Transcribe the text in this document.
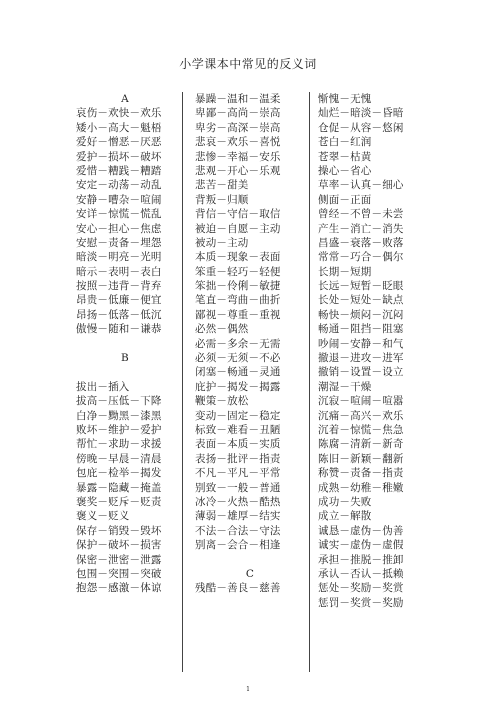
小学课本中常见的反义词
A
哀伤－欢快－欢乐
矮小－高大－魁梧
爱好－憎恶－厌恶
爱护－损坏－破坏
爱惜－糟践－糟踏
安定－动荡－动乱
安静－嘈杂－喧闹
安详－惊慌－慌乱
安心－担心－焦虑
安慰－责备－埋怨
暗淡－明亮－光明
暗示－表明－表白
按照－违背－背弃
昂贵－低廉－便宜
昂扬－低落－低沉
傲慢－随和－谦恭
B
拔出－插入
拔高－压低－下降
白净－黝黑－漆黑
败坏－维护－爱护
帮忙－求助－求援
傍晚－早晨－清晨
包庇－检举－揭发
暴露－隐藏－掩盖
褒奖－贬斥－贬责
褒义－贬义
保存－销毁－毁坏
保护－破坏－损害
保密－泄密－泄露
包围－突围－突破
抱怨－感激－体谅
暴躁－温和－温柔
卑鄙－高尚－崇高
卑劣－高深－崇高
悲哀－欢乐－喜悦
悲惨－幸福－安乐
悲观－开心－乐观
悲苦－甜美
背叛－归顺
背信－守信－取信
被迫－自愿－主动
被动－主动
本质－现象－表面
笨重－轻巧－轻便
笨拙－伶俐－敏捷
笔直－弯曲－曲折
鄙视－尊重－重视
必然－偶然
必需－多余－无需
必须－无须－不必
闭塞－畅通－灵通
庇护－揭发－揭露
鞭策－放松
变动－固定－稳定
标致－难看－丑陋
表面－本质－实质
表扬－批评－指责
不凡－平凡－平常
别致－一般－普通
冰冷－火热－酷热
薄弱－雄厚－结实
不法－合法－守法
别离－会合－相逢
C
残酷－善良－慈善
惭愧－无愧
灿烂－暗淡－昏暗
仓促－从容－悠闲
苍白－红润
苍翠－枯黄
操心－省心
草率－认真－细心
侧面－正面
曾经－不曾－未尝
产生－消亡－消失
昌盛－衰落－败落
常常－巧合－偶尔
长期－短期
长远－短暂－眨眼
长处－短处－缺点
畅快－烦闷－沉闷
畅通－阻挡－阻塞
吵闹－安静－和气
撤退－进攻－进军
撤销－设置－设立
潮湿－干燥
沉寂－喧闹－喧嚣
沉痛－高兴－欢乐
沉着－惊慌－焦急
陈腐－清新－新奇
陈旧－新颖－翻新
称赞－责备－指责
成熟－幼稚－稚嫩
成功－失败
成立－解散
诚恳－虚伪－伪善
诚实－虚伪－虚假
承担－推脱－推卸
承认－否认－抵赖
惩处－奖励－奖赏
惩罚－奖赏－奖励
1
